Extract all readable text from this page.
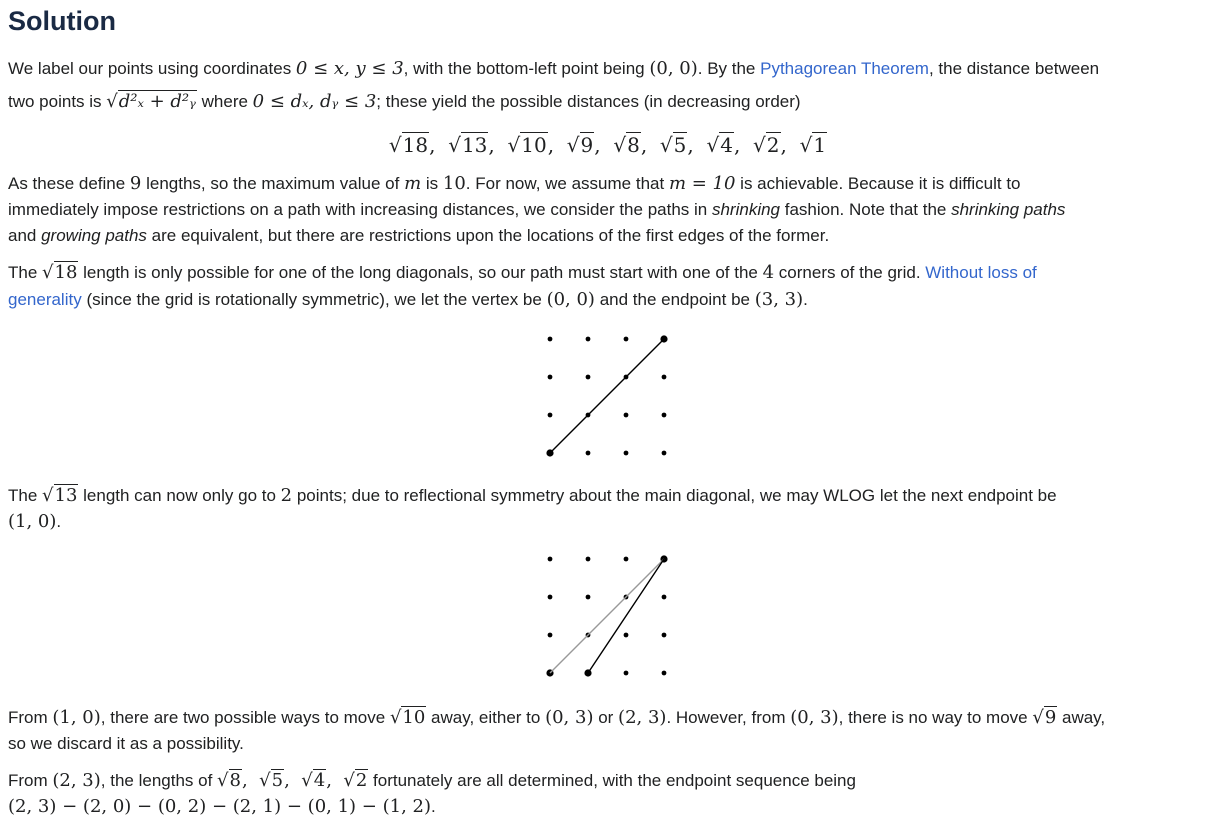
Solution
We label our points using coordinates 0 ≤ x, y ≤ 3, with the bottom-left point being (0, 0). By the Pythagorean Theorem, the distance between
two points is √d²ₓ + d²ᵧ where 0 ≤ dₓ, dᵧ ≤ 3; these yield the possible distances (in decreasing order)
√18,  √13,  √10,  √9,  √8,  √5,  √4,  √2,  √1
As these define 9 lengths, so the maximum value of m is 10. For now, we assume that m = 10 is achievable. Because it is difficult to
immediately impose restrictions on a path with increasing distances, we consider the paths in shrinking fashion. Note that the shrinking paths
and growing paths are equivalent, but there are restrictions upon the locations of the first edges of the former.
The √18 length is only possible for one of the long diagonals, so our path must start with one of the 4 corners of the grid. Without loss of
generality (since the grid is rotationally symmetric), we let the vertex be (0, 0) and the endpoint be (3, 3).
The √13 length can now only go to 2 points; due to reflectional symmetry about the main diagonal, we may WLOG let the next endpoint be
(1, 0).
From (1, 0), there are two possible ways to move √10 away, either to (0, 3) or (2, 3). However, from (0, 3), there is no way to move √9 away,
so we discard it as a possibility.
From (2, 3), the lengths of √8,  √5,  √4,  √2 fortunately are all determined, with the endpoint sequence being
(2, 3) − (2, 0) − (0, 2) − (2, 1) − (0, 1) − (1, 2).
